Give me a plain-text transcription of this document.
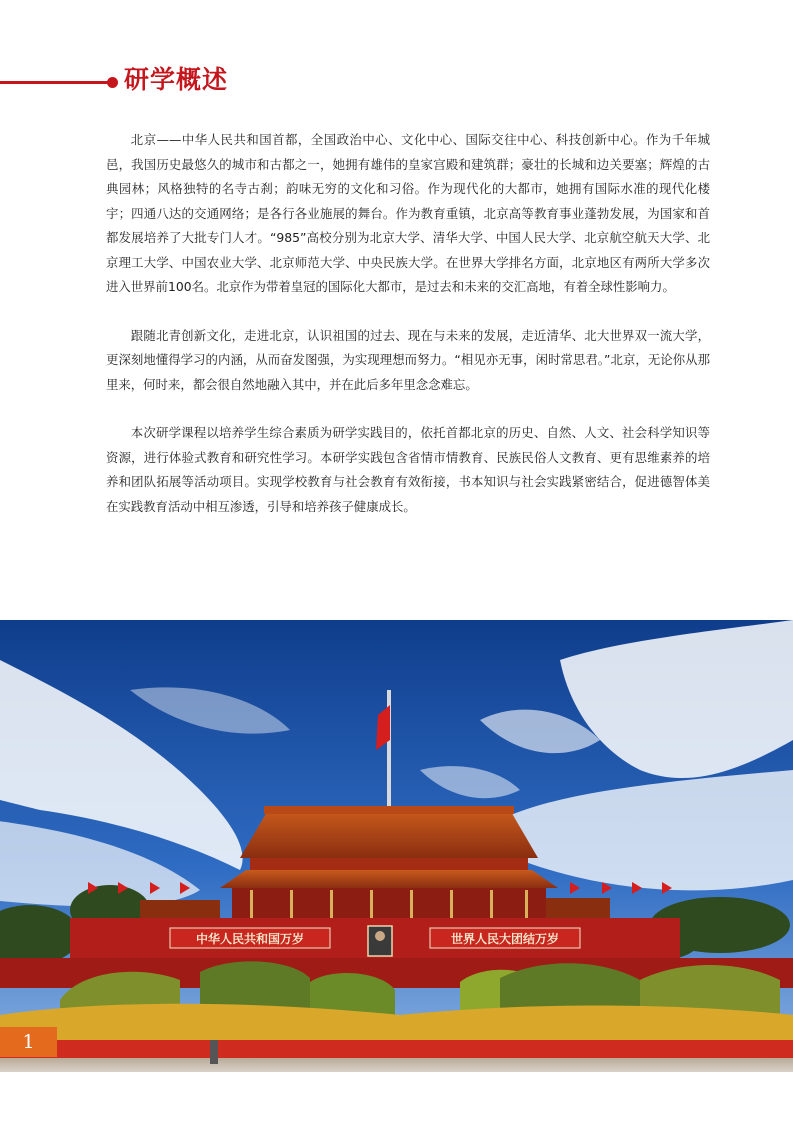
研学概述

北京——中华人民共和国首都，全国政治中心、文化中心、国际交往中心、科技创新中心。作为千年城邑，我国历史最悠久的城市和古都之一，她拥有雄伟的皇家宫殿和建筑群；豪壮的长城和边关要塞；辉煌的古典园林；风格独特的名寺古刹；韵味无穷的文化和习俗。作为现代化的大都市，她拥有国际水准的现代化楼宇；四通八达的交通网络；是各行各业施展的舞台。作为教育重镇，北京高等教育事业蓬勃发展，为国家和首都发展培养了大批专门人才。“985”高校分别为北京大学、清华大学、中国人民大学、北京航空航天大学、北京理工大学、中国农业大学、北京师范大学、中央民族大学。在世界大学排名方面，北京地区有两所大学多次进入世界前100名。北京作为带着皇冠的国际化大都市，是过去和未来的交汇高地，有着全球性影响力。

跟随北青创新文化，走进北京，认识祖国的过去、现在与未来的发展，走近清华、北大世界双一流大学，更深刻地懂得学习的内涵，从而奋发图强，为实现理想而努力。“相见亦无事，闲时常思君。”北京，无论你从那里来，何时来，都会很自然地融入其中，并在此后多年里念念难忘。

本次研学课程以培养学生综合素质为研学实践目的，依托首都北京的历史、自然、人文、社会科学知识等资源，进行体验式教育和研究性学习。本研学实践包含省情市情教育、民族民俗人文教育、更有思维素养的培养和团队拓展等活动项目。实现学校教育与社会教育有效衔接，书本知识与社会实践紧密结合，促进德智体美在实践教育活动中相互渗透，引导和培养孩子健康成长。

中华人民共和国万岁	世界人民大团结万岁
1
